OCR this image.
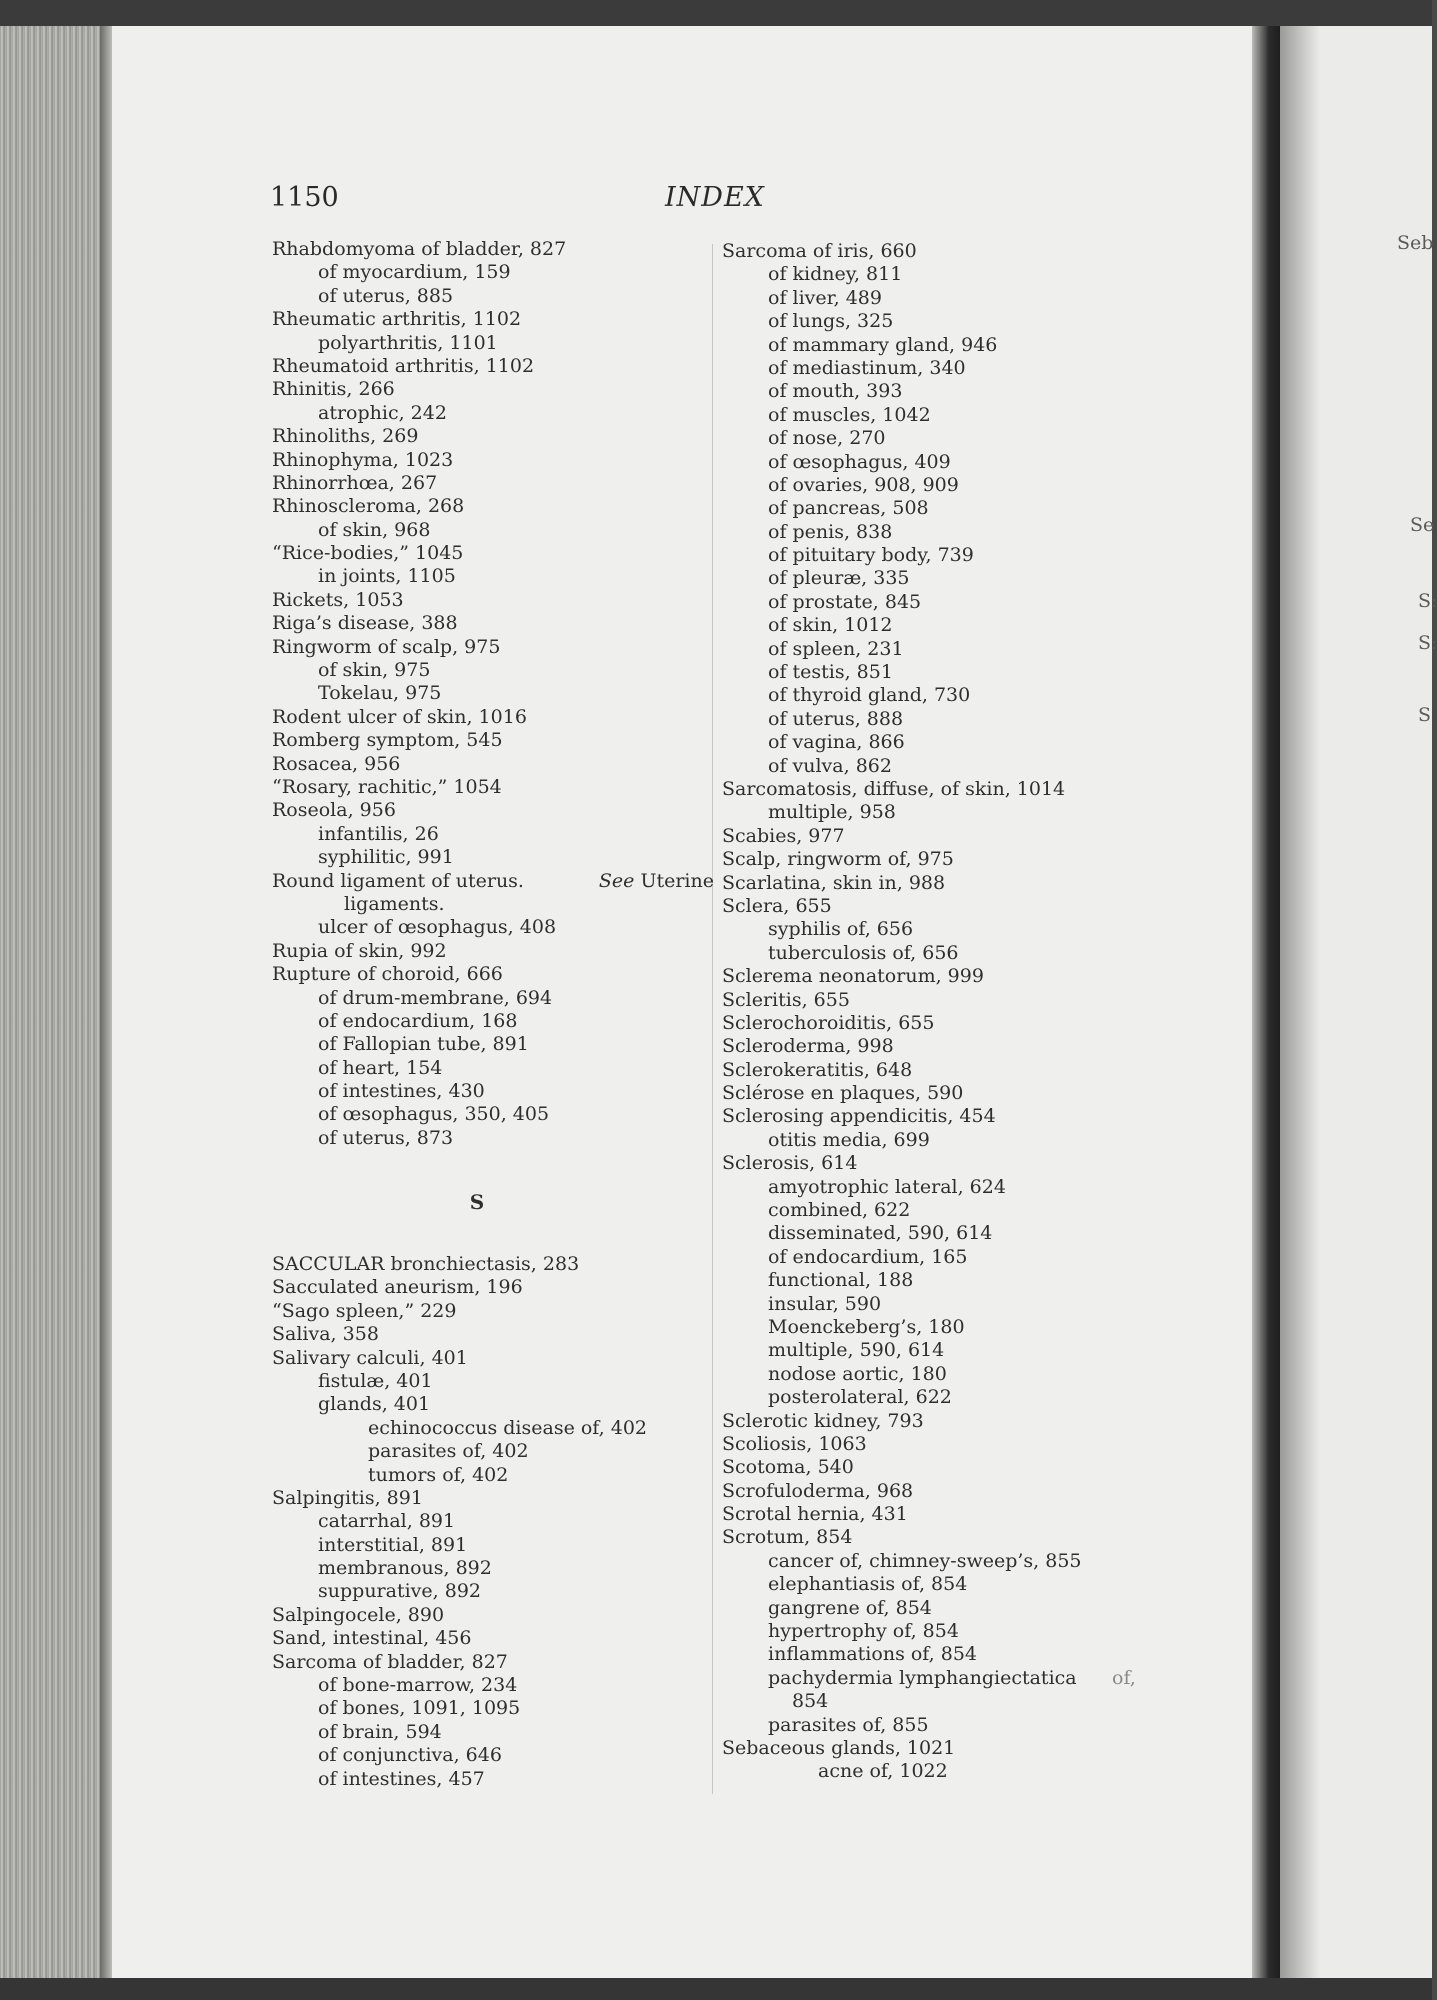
1150	INDEX
Rhabdomyoma of bladder, 827
of myocardium, 159
of uterus, 885
Rheumatic arthritis, 1102
polyarthritis, 1101
Rheumatoid arthritis, 1102
Rhinitis, 266
atrophic, 242
Rhinoliths, 269
Rhinophyma, 1023
Rhinorrhœa, 267
Rhinoscleroma, 268
of skin, 968
“Rice-bodies,” 1045
in joints, 1105
Rickets, 1053
Riga’s disease, 388
Ringworm of scalp, 975
of skin, 975
Tokelau, 975
Rodent ulcer of skin, 1016
Romberg symptom, 545
Rosacea, 956
“Rosary, rachitic,” 1054
Roseola, 956
infantilis, 26
syphilitic, 991
Round ligament of uterus.	See Uterine
ligaments.
ulcer of œsophagus, 408
Rupia of skin, 992
Rupture of choroid, 666
of drum-membrane, 694
of endocardium, 168
of Fallopian tube, 891
of heart, 154
of intestines, 430
of œsophagus, 350, 405
of uterus, 873
S
SACCULAR bronchiectasis, 283
Sacculated aneurism, 196
“Sago spleen,” 229
Saliva, 358
Salivary calculi, 401
fistulæ, 401
glands, 401
echinococcus disease of, 402
parasites of, 402
tumors of, 402
Salpingitis, 891
catarrhal, 891
interstitial, 891
membranous, 892
suppurative, 892
Salpingocele, 890
Sand, intestinal, 456
Sarcoma of bladder, 827
of bone-marrow, 234
of bones, 1091, 1095
of brain, 594
of conjunctiva, 646
of intestines, 457
Sarcoma of iris, 660
of kidney, 811
of liver, 489
of lungs, 325
of mammary gland, 946
of mediastinum, 340
of mouth, 393
of muscles, 1042
of nose, 270
of œsophagus, 409
of ovaries, 908, 909
of pancreas, 508
of penis, 838
of pituitary body, 739
of pleuræ, 335
of prostate, 845
of skin, 1012
of spleen, 231
of testis, 851
of thyroid gland, 730
of uterus, 888
of vagina, 866
of vulva, 862
Sarcomatosis, diffuse, of skin, 1014
multiple, 958
Scabies, 977
Scalp, ringworm of, 975
Scarlatina, skin in, 988
Sclera, 655
syphilis of, 656
tuberculosis of, 656
Sclerema neonatorum, 999
Scleritis, 655
Sclerochoroiditis, 655
Scleroderma, 998
Sclerokeratitis, 648
Sclérose en plaques, 590
Sclerosing appendicitis, 454
otitis media, 699
Sclerosis, 614
amyotrophic lateral, 624
combined, 622
disseminated, 590, 614
of endocardium, 165
functional, 188
insular, 590
Moenckeberg’s, 180
multiple, 590, 614
nodose aortic, 180
posterolateral, 622
Sclerotic kidney, 793
Scoliosis, 1063
Scotoma, 540
Scrofuloderma, 968
Scrotal hernia, 431
Scrotum, 854
cancer of, chimney-sweep’s, 855
elephantiasis of, 854
gangrene of, 854
hypertrophy of, 854
inflammations of, 854
pachydermia lymphangiectatica of,
854
parasites of, 855
Sebaceous glands, 1021
acne of, 1022
Seb
Se
S:
S:
S
